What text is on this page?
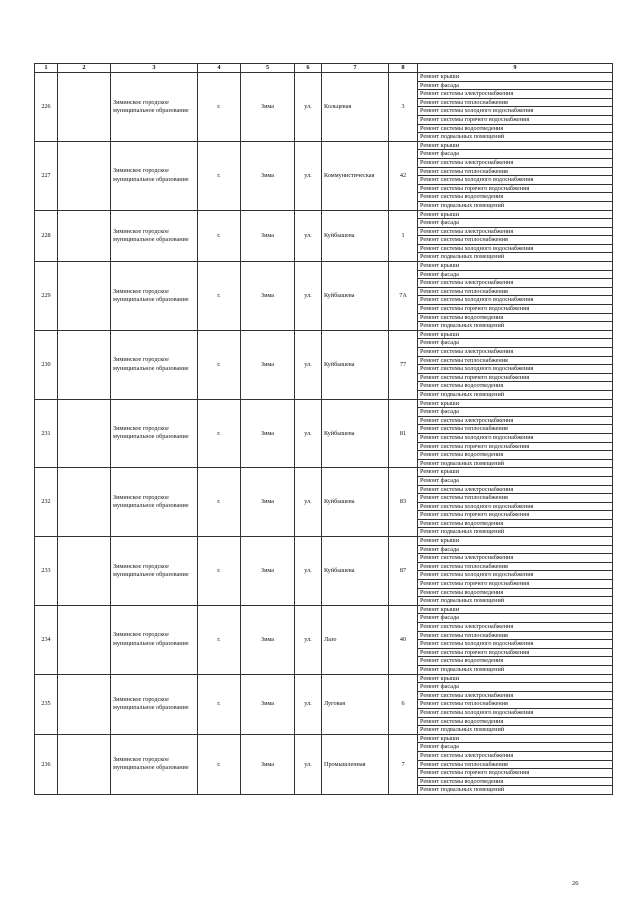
1	2	3	4	5	6	7	8	9
226		Зиминское городское муниципальное образование	г.	Зима	ул.	Кольцевая	3	Ремонт крыши
								Ремонт фасада
								Ремонт системы электроснабжения
								Ремонт системы теплоснабжения
								Ремонт системы холодного водоснабжения
								Ремонт системы горячего водоснабжения
								Ремонт системы водоотведения
								Ремонт подвальных помещений
227		Зиминское городское муниципальное образование	г.	Зима	ул.	Коммунистическая	42	Ремонт крыши
								Ремонт фасада
								Ремонт системы электроснабжения
								Ремонт системы теплоснабжения
								Ремонт системы холодного водоснабжения
								Ремонт системы горячего водоснабжения
								Ремонт системы водоотведения
								Ремонт подвальных помещений
228		Зиминское городское муниципальное образование	г.	Зима	ул.	Куйбышева	1	Ремонт крыши
								Ремонт фасада
								Ремонт системы электроснабжения
								Ремонт системы теплоснабжения
								Ремонт системы холодного водоснабжения
								Ремонт подвальных помещений
229		Зиминское городское муниципальное образование	г.	Зима	ул.	Куйбышева	7А	Ремонт крыши
								Ремонт фасада
								Ремонт системы электроснабжения
								Ремонт системы теплоснабжения
								Ремонт системы холодного водоснабжения
								Ремонт системы горячего водоснабжения
								Ремонт системы водоотведения
								Ремонт подвальных помещений
230		Зиминское городское муниципальное образование	г.	Зима	ул.	Куйбышева	77	Ремонт крыши
								Ремонт фасада
								Ремонт системы электроснабжения
								Ремонт системы теплоснабжения
								Ремонт системы холодного водоснабжения
								Ремонт системы горячего водоснабжения
								Ремонт системы водоотведения
								Ремонт подвальных помещений
231		Зиминское городское муниципальное образование	г.	Зима	ул.	Куйбышева	81	Ремонт крыши
								Ремонт фасада
								Ремонт системы электроснабжения
								Ремонт системы теплоснабжения
								Ремонт системы холодного водоснабжения
								Ремонт системы горячего водоснабжения
								Ремонт системы водоотведения
								Ремонт подвальных помещений
232		Зиминское городское муниципальное образование	г.	Зима	ул.	Куйбышева	83	Ремонт крыши
								Ремонт фасада
								Ремонт системы электроснабжения
								Ремонт системы теплоснабжения
								Ремонт системы холодного водоснабжения
								Ремонт системы горячего водоснабжения
								Ремонт системы водоотведения
								Ремонт подвальных помещений
233		Зиминское городское муниципальное образование	г.	Зима	ул.	Куйбышева	87	Ремонт крыши
								Ремонт фасада
								Ремонт системы электроснабжения
								Ремонт системы теплоснабжения
								Ремонт системы холодного водоснабжения
								Ремонт системы горячего водоснабжения
								Ремонт системы водоотведения
								Ремонт подвальных помещений
234		Зиминское городское муниципальное образование	г.	Зима	ул.	Лазо	40	Ремонт крыши
								Ремонт фасада
								Ремонт системы электроснабжения
								Ремонт системы теплоснабжения
								Ремонт системы холодного водоснабжения
								Ремонт системы горячего водоснабжения
								Ремонт системы водоотведения
								Ремонт подвальных помещений
235		Зиминское городское муниципальное образование	г.	Зима	ул.	Луговая	6	Ремонт крыши
								Ремонт фасада
								Ремонт системы электроснабжения
								Ремонт системы теплоснабжения
								Ремонт системы холодного водоснабжения
								Ремонт системы водоотведения
								Ремонт подвальных помещений
236		Зиминское городское муниципальное образование	г.	Зима	ул.	Промышленная	7	Ремонт крыши
								Ремонт фасада
								Ремонт системы электроснабжения
								Ремонт системы теплоснабжения
								Ремонт системы горячего водоснабжения
								Ремонт системы водоотведения
								Ремонт подвальных помещений
26
